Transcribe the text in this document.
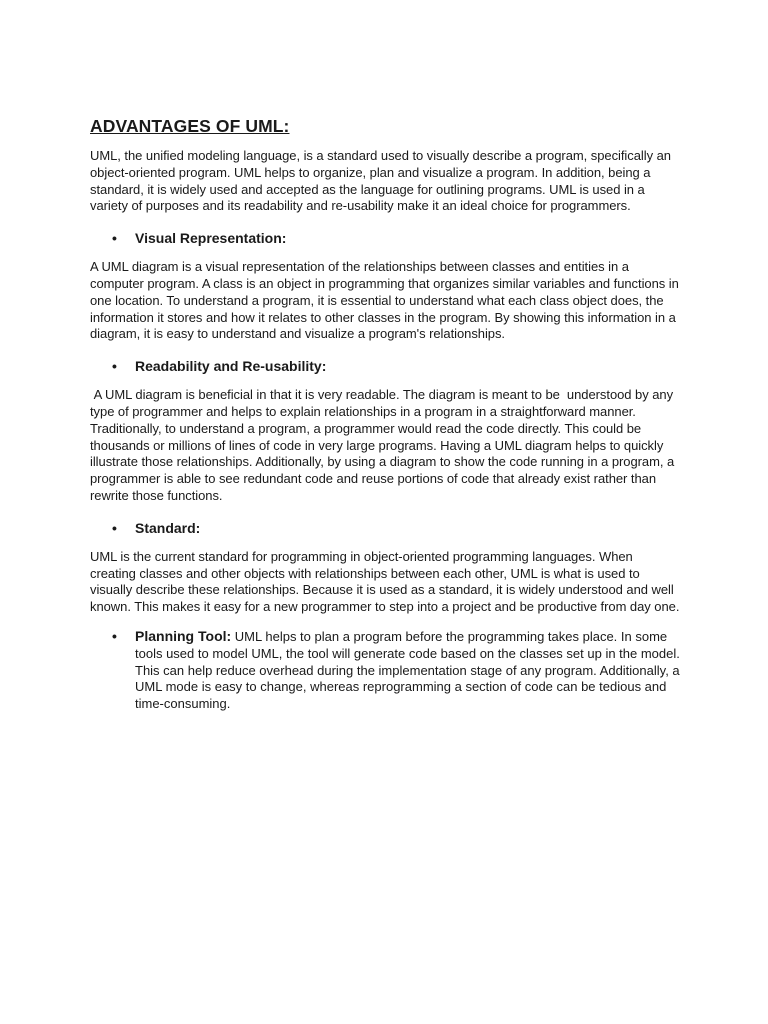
ADVANTAGES OF UML:

UML, the unified modeling language, is a standard used to visually describe a program, specifically an object-oriented program. UML helps to organize, plan and visualize a program. In addition, being a standard, it is widely used and accepted as the language for outlining programs. UML is used in a variety of purposes and its readability and re-usability make it an ideal choice for programmers.

• Visual Representation:

A UML diagram is a visual representation of the relationships between classes and entities in a computer program. A class is an object in programming that organizes similar variables and functions in one location. To understand a program, it is essential to understand what each class object does, the information it stores and how it relates to other classes in the program. By showing this information in a diagram, it is easy to understand and visualize a program's relationships.

• Readability and Re-usability:

A UML diagram is beneficial in that it is very readable. The diagram is meant to be  understood by any type of programmer and helps to explain relationships in a program in a straightforward manner. Traditionally, to understand a program, a programmer would read the code directly. This could be thousands or millions of lines of code in very large programs. Having a UML diagram helps to quickly illustrate those relationships. Additionally, by using a diagram to show the code running in a program, a programmer is able to see redundant code and reuse portions of code that already exist rather than rewrite those functions.

• Standard:

UML is the current standard for programming in object-oriented programming languages. When creating classes and other objects with relationships between each other, UML is what is used to visually describe these relationships. Because it is used as a standard, it is widely understood and well known. This makes it easy for a new programmer to step into a project and be productive from day one.

• Planning Tool: UML helps to plan a program before the programming takes place. In some tools used to model UML, the tool will generate code based on the classes set up in the model. This can help reduce overhead during the implementation stage of any program. Additionally, a UML mode is easy to change, whereas reprogramming a section of code can be tedious and time-consuming.
